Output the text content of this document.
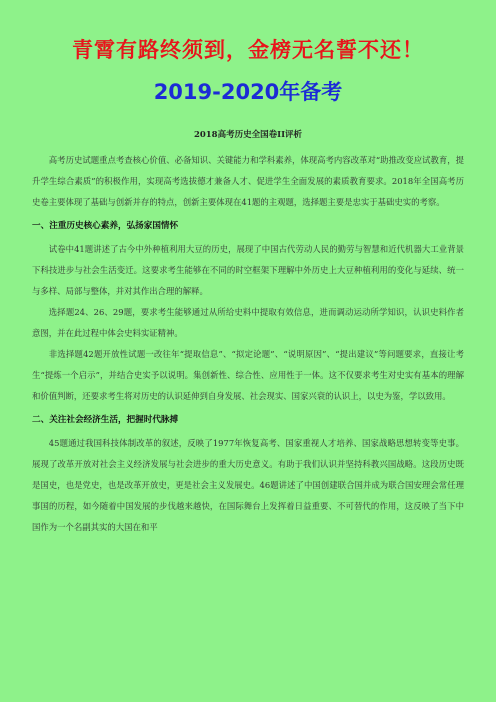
青霄有路终须到，金榜无名誓不还！
2019-2020年备考
2018高考历史全国卷II评析

高考历史试题重点考查核心价值、必备知识、关键能力和学科素养，体现高考内容改革对“助推改变应试教育，提升学生综合素质”的积极作用，实现高考选拔德才兼备人才、促进学生全面发展的素质教育要求。2018年全国高考历史卷主要体现了基础与创新并存的特点，创新主要体现在41题的主观题，选择题主要是忠实于基础史实的考察。

一、注重历史核心素养，弘扬家国情怀

试卷中41题讲述了古今中外种植利用大豆的历史，展现了中国古代劳动人民的勤劳与智慧和近代机器大工业背景下科技进步与社会生活变迁。这要求考生能够在不同的时空框架下理解中外历史上大豆种植利用的变化与延续、统一与多样、局部与整体，并对其作出合理的解释。

选择题24、26、29题，要求考生能够通过从所给史料中提取有效信息，进而调动运动所学知识，认识史料作者意图，并在此过程中体会史料实证精神。

非选择题42题开放性试题一改往年“提取信息”、“拟定论题”、“说明原因”、“提出建议”等问题要求，直接让考生“提炼一个启示”，并结合史实予以说明。集创新性、综合性、应用性于一体。这不仅要求考生对史实有基本的理解和价值判断，还要求考生将对历史的认识延伸到自身发展、社会现实、国家兴衰的认识上，以史为鉴，学以致用。

二、关注社会经济生活，把握时代脉搏

45题通过我国科技体制改革的叙述，反映了1977年恢复高考、国家重视人才培养、国家战略思想转变等史事。展现了改革开放对社会主义经济发展与社会进步的重大历史意义。有助于我们认识并坚持科教兴国战略。这段历史既是国史，也是党史，也是改革开放史，更是社会主义发展史。46题讲述了中国创建联合国并成为联合国安理会常任理事国的历程，如今随着中国发展的步伐越来越快，在国际舞台上发挥着日益重要、不可替代的作用，这反映了当下中国作为一个名副其实的大国在和平
